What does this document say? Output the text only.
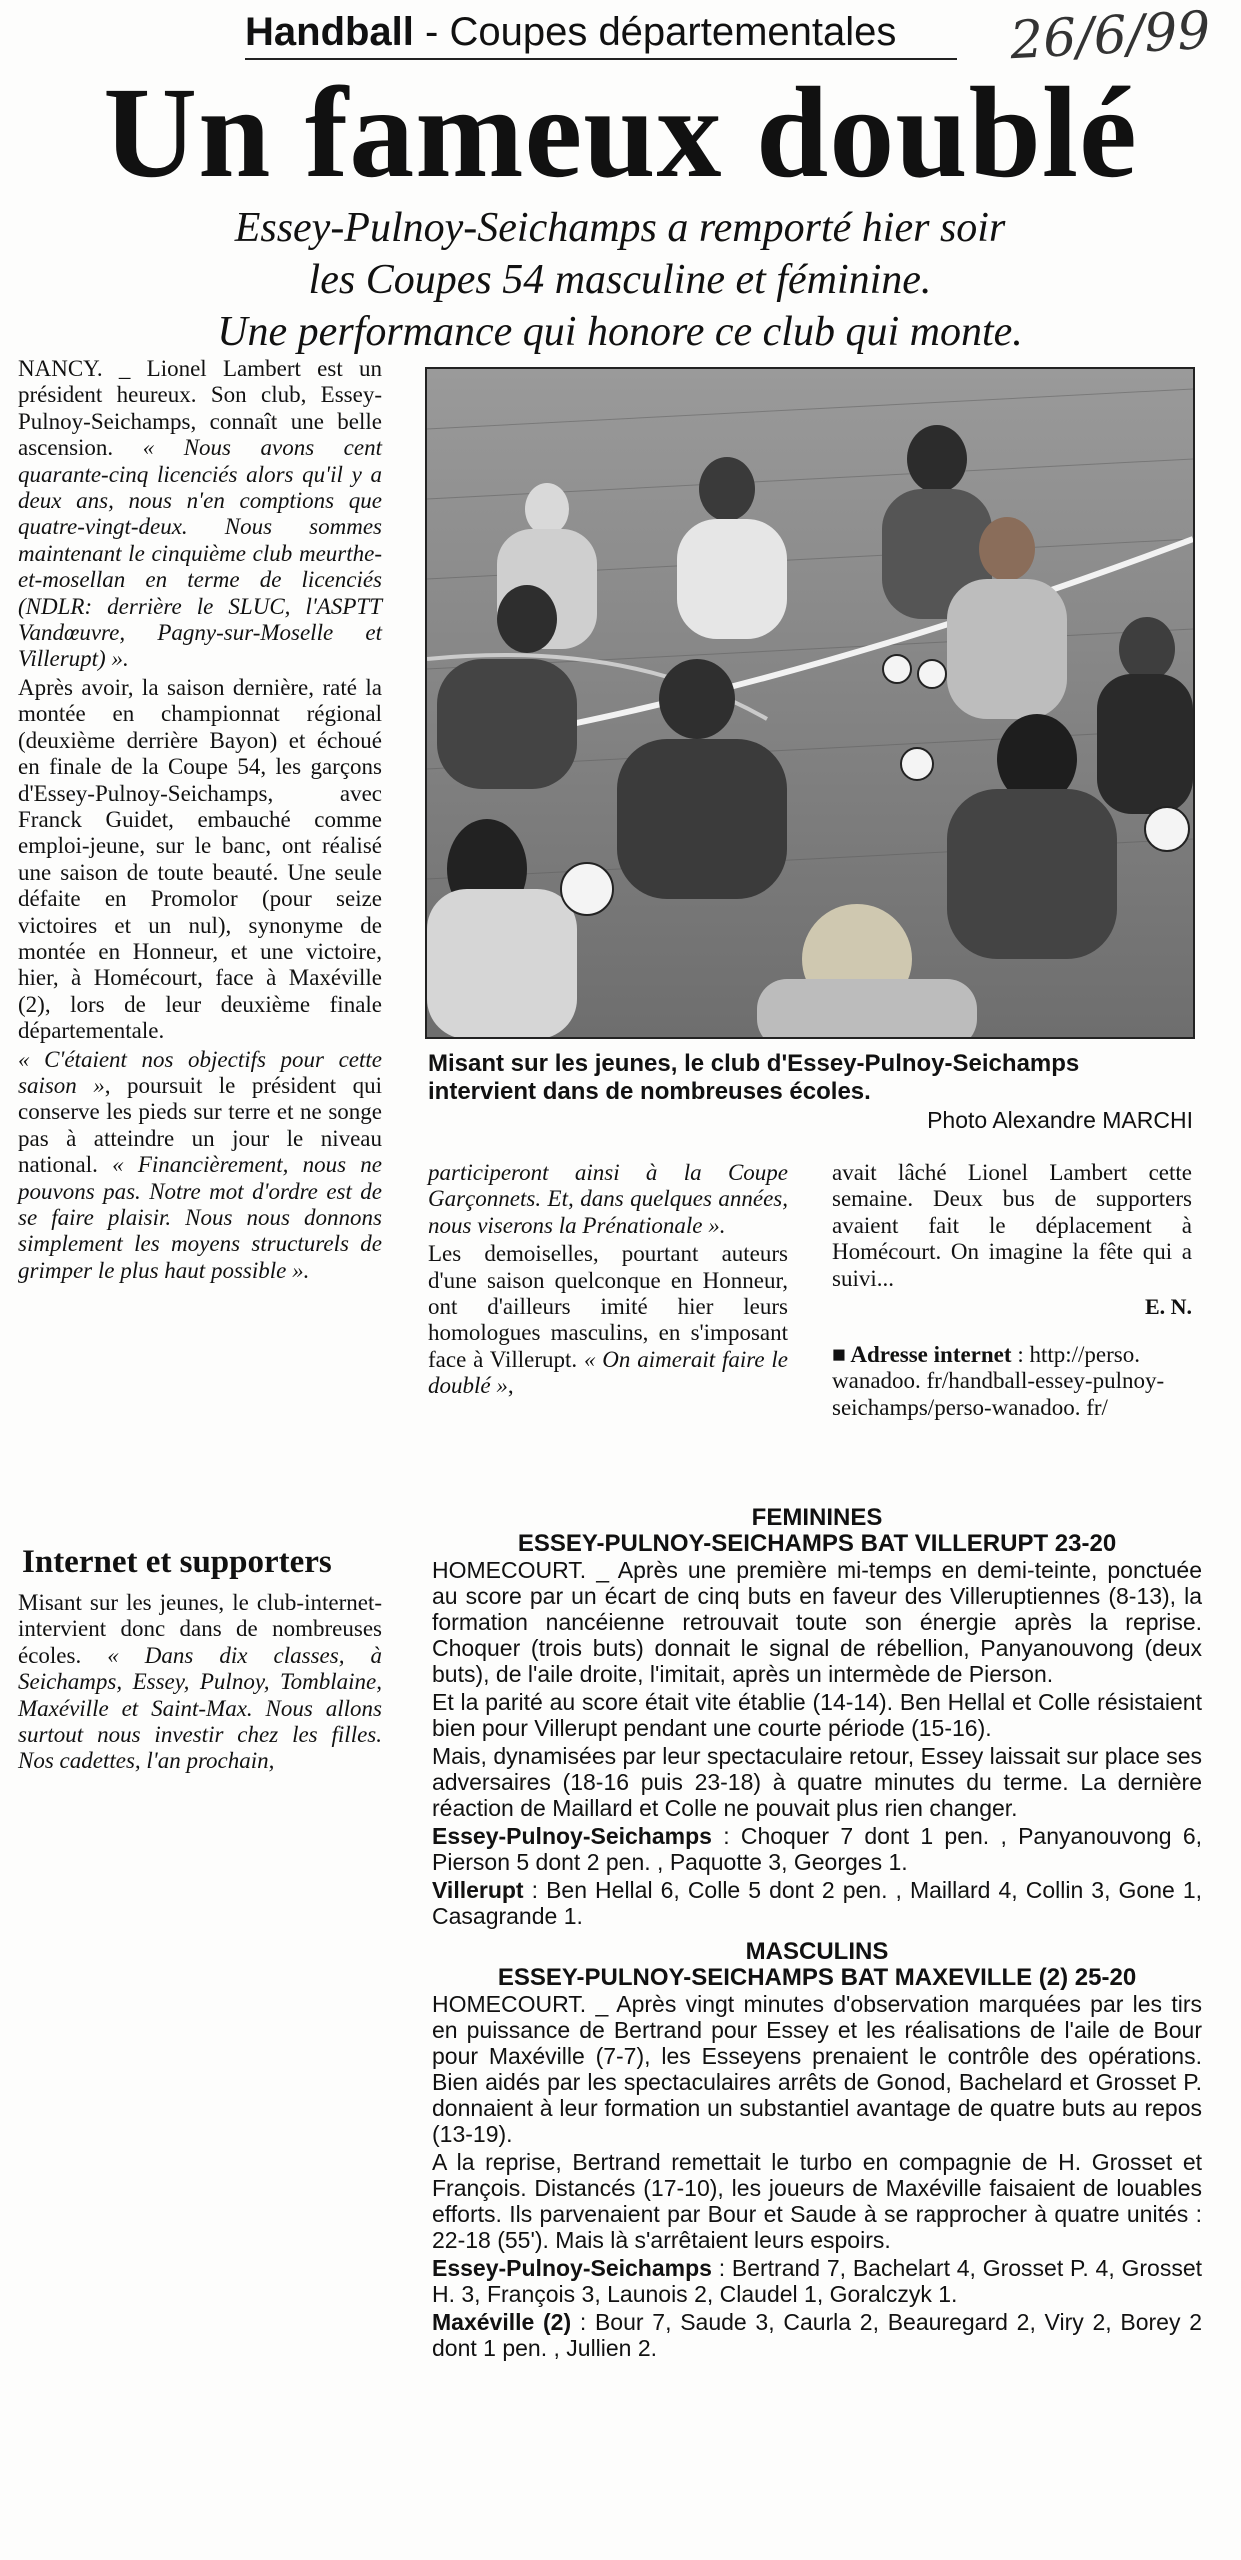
Handball - Coupes départementales	26/6/99
Un fameux doublé
Essey-Pulnoy-Seichamps a remporté hier soir
les Coupes 54 masculine et féminine.
Une performance qui honore ce club qui monte.

NANCY. _ Lionel Lambert est un président heureux. Son club, Essey-Pulnoy-Seichamps, connaît une belle ascension. « Nous avons cent quarante-cinq licenciés alors qu'il y a deux ans, nous n'en comptions que quatre-vingt-deux. Nous sommes maintenant le cinquième club meurthe-et-mosellan en terme de licenciés (NDLR: derrière le SLUC, l'ASPTT Vandœuvre, Pagny-sur-Moselle et Villerupt) ».

Après avoir, la saison dernière, raté la montée en championnat régional (deuxième derrière Bayon) et échoué en finale de la Coupe 54, les garçons d'Essey-Pulnoy-Seichamps, avec Franck Guidet, embauché comme emploi-jeune, sur le banc, ont réalisé une saison de toute beauté. Une seule défaite en Promolor (pour seize victoires et un nul), synonyme de montée en Honneur, et une victoire, hier, à Homécourt, face à Maxéville (2), lors de leur deuxième finale départementale.

« C'étaient nos objectifs pour cette saison », poursuit le président qui conserve les pieds sur terre et ne songe pas à atteindre un jour le niveau national. « Financièrement, nous ne pouvons pas. Notre mot d'ordre est de se faire plaisir. Nous nous donnons simplement les moyens structurels de grimper le plus haut possible ».

Internet et supporters

Misant sur les jeunes, le club-internet-intervient donc dans de nombreuses écoles. « Dans dix classes, à Seichamps, Essey, Pulnoy, Tomblaine, Maxéville et Saint-Max. Nous allons surtout nous investir chez les filles. Nos cadettes, l'an prochain,

Misant sur les jeunes, le club d'Essey-Pulnoy-Seichamps intervient dans de nombreuses écoles.
Photo Alexandre MARCHI

participeront ainsi à la Coupe Garçonnets. Et, dans quelques années, nous viserons la Prénationale ».

Les demoiselles, pourtant auteurs d'une saison quelconque en Honneur, ont d'ailleurs imité hier leurs homologues masculins, en s'imposant face à Villerupt. « On aimerait faire le doublé »,

avait lâché Lionel Lambert cette semaine. Deux bus de supporters avaient fait le déplacement à Homécourt. On imagine la fête qui a suivi...

E. N.

■ Adresse internet : http://perso. wanadoo. fr/handball-essey-pulnoy-seichamps/perso-wanadoo. fr/

FEMININES
ESSEY-PULNOY-SEICHAMPS BAT VILLERUPT 23-20

HOMECOURT. _ Après une première mi-temps en demi-teinte, ponctuée au score par un écart de cinq buts en faveur des Villeruptiennes (8-13), la formation nancéienne retrouvait toute son énergie après la reprise. Choquer (trois buts) donnait le signal de rébellion, Panyanouvong (deux buts), de l'aile droite, l'imitait, après un intermède de Pierson.

Et la parité au score était vite établie (14-14). Ben Hellal et Colle résistaient bien pour Villerupt pendant une courte période (15-16).

Mais, dynamisées par leur spectaculaire retour, Essey laissait sur place ses adversaires (18-16 puis 23-18) à quatre minutes du terme. La dernière réaction de Maillard et Colle ne pouvait plus rien changer.

Essey-Pulnoy-Seichamps : Choquer 7 dont 1 pen. , Panyanouvong 6, Pierson 5 dont 2 pen. , Paquotte 3, Georges 1.

Villerupt : Ben Hellal 6, Colle 5 dont 2 pen. , Maillard 4, Collin 3, Gone 1, Casagrande 1.

MASCULINS
ESSEY-PULNOY-SEICHAMPS BAT MAXEVILLE (2) 25-20

HOMECOURT. _ Après vingt minutes d'observation marquées par les tirs en puissance de Bertrand pour Essey et les réalisations de l'aile de Bour pour Maxéville (7-7), les Esseyens prenaient le contrôle des opérations. Bien aidés par les spectaculaires arrêts de Gonod, Bachelard et Grosset P. donnaient à leur formation un substantiel avantage de quatre buts au repos (13-19).

A la reprise, Bertrand remettait le turbo en compagnie de H. Grosset et François. Distancés (17-10), les joueurs de Maxéville faisaient de louables efforts. Ils parvenaient par Bour et Saude à se rapprocher à quatre unités : 22-18 (55'). Mais là s'arrêtaient leurs espoirs.

Essey-Pulnoy-Seichamps : Bertrand 7, Bachelart 4, Grosset P. 4, Grosset H. 3, François 3, Launois 2, Claudel 1, Goralczyk 1.

Maxéville (2) : Bour 7, Saude 3, Caurla 2, Beauregard 2, Viry 2, Borey 2 dont 1 pen. , Jullien 2.
